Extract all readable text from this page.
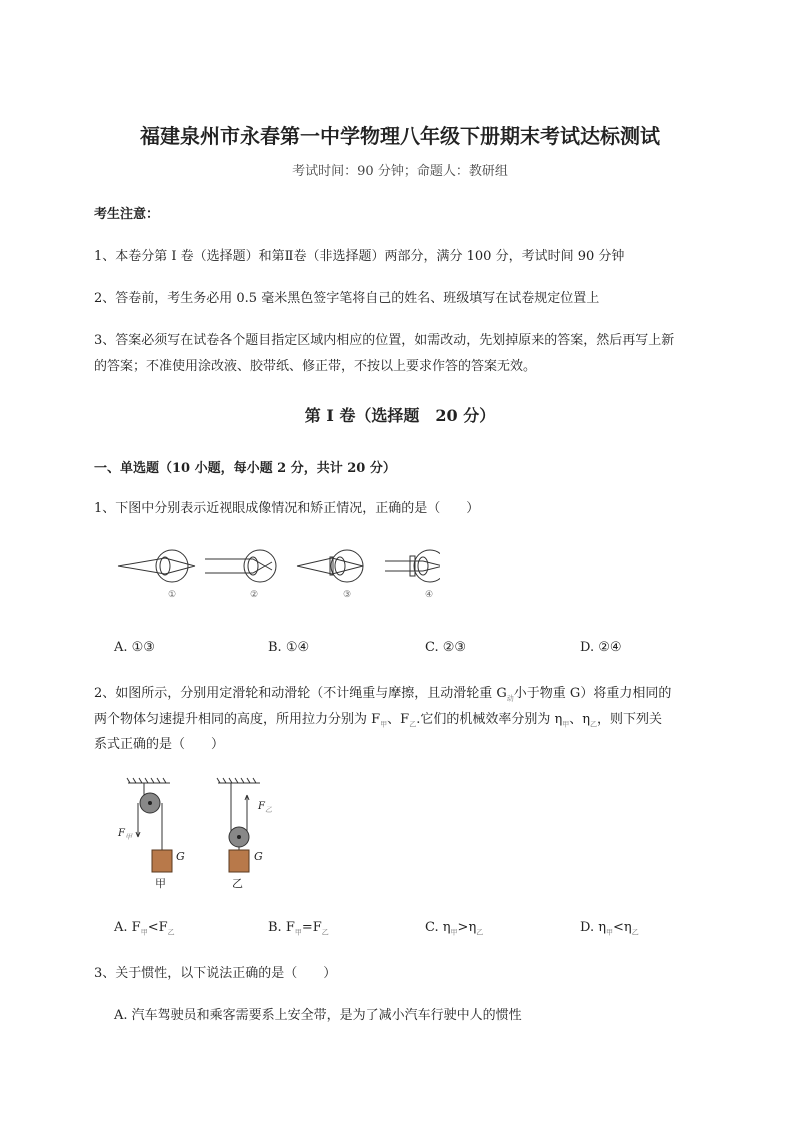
福建泉州市永春第一中学物理八年级下册期末考试达标测试
考试时间：90 分钟；命题人：教研组
考生注意：
1、本卷分第 I 卷（选择题）和第Ⅱ卷（非选择题）两部分，满分 100 分，考试时间 90 分钟
2、答卷前，考生务必用 0.5 毫米黑色签字笔将自己的姓名、班级填写在试卷规定位置上
3、答案必须写在试卷各个题目指定区域内相应的位置，如需改动，先划掉原来的答案，然后再写上新
的答案；不准使用涂改液、胶带纸、修正带，不按以上要求作答的答案无效。
第 I 卷（选择题　20 分）
一、单选题（10 小题，每小题 2 分，共计 20 分）
1、下图中分别表示近视眼成像情况和矫正情况，正确的是（　　）
①	②	③	④
A. ①③	B. ①④	C. ②③	D. ②④
2、如图所示，分别用定滑轮和动滑轮（不计绳重与摩擦，且动滑轮重 $G_动$小于物重 G）将重力相同的
两个物体匀速提升相同的高度，所用拉力分别为 $F_甲$、$F_乙$.它们的机械效率分别为 $\eta_甲$、$\eta_乙$，则下列关
系式正确的是（　　）
$F_甲$
$F_乙$
G	G
甲	乙
A. $F_甲<F_乙$	B. $F_甲=F_乙$	C. $\eta_甲>\eta_乙$	D. $\eta_甲<\eta_乙$
3、关于惯性，以下说法正确的是（　　）
A. 汽车驾驶员和乘客需要系上安全带，是为了减小汽车行驶中人的惯性
